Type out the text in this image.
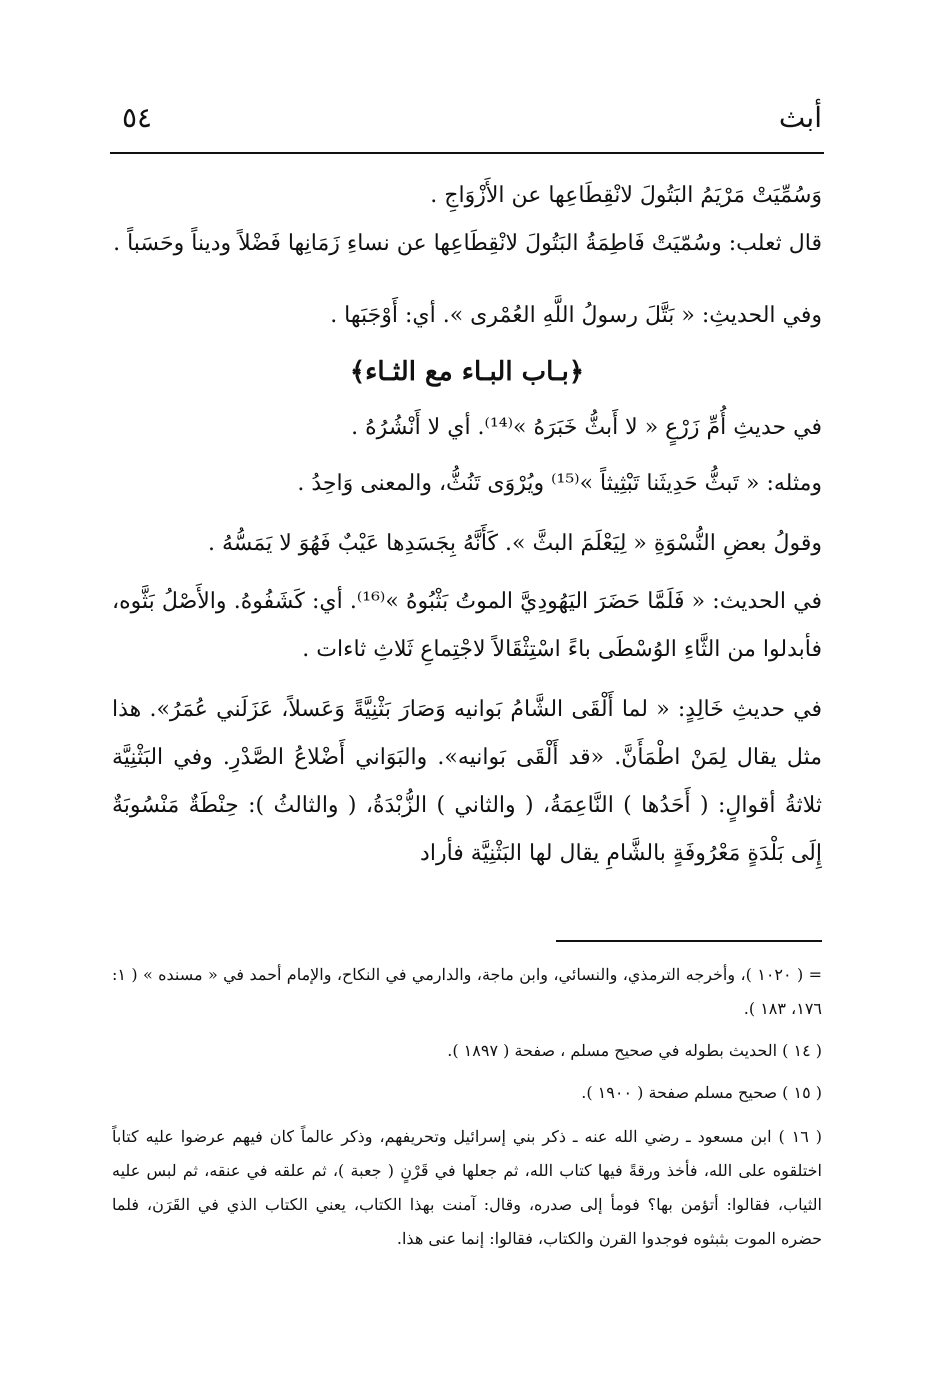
أبث
٥٤

وَسُمِّيَتْ مَرْيَمُ البَتُولَ لانْقِطَاعِها عن الأَزْوَاجِ .

قال ثعلب: وسُمّيَتْ فَاطِمَةُ البَتُولَ لانْقِطَاعِها عن نساءِ زَمَانِها فَضْلاً وديناً وحَسَباً .

وفي الحديثِ: « بَتَّلَ رسولُ اللَّهِ العُمْرى ». أي: أَوْجَبَها .

﴿بـاب البـاء مع الثـاء﴾

في حديثِ أُمِّ زَرْعٍ « لا أَبثُّ خَبَرَهُ »⁽¹⁴⁾. أي لا أَنْشُرُهُ .

ومثله: « تَبثُّ حَدِيثَنا تَبْثِيثاً »⁽¹⁵⁾ ويُرْوَى تَنُثُّ، والمعنى وَاحِدُ .

وقولُ بعضِ النُّسْوَةِ « لِيَعْلَمَ البثَّ ». كَأَنَّهُ بِجَسَدِها عَيْبٌ فَهُوَ لا يَمَسُّهُ .

في الحديث: « فَلَمَّا حَضَرَ اليَهُودِيَّ الموتُ بَثْبُوهُ »⁽¹⁶⁾. أي: كَشَفُوهُ. والأَصْلُ بَثَّوه، فأبدلوا من الثَّاءِ الوُسْطَى باءً اسْتِثْقَالاً لاجْتِماعِ ثَلاثِ ثاءات .

في حديثِ خَالِدٍ: « لما أَلْقَى الشَّامُ بَوانيه وَصَارَ بَثْنِيَّةً وَعَسلاً، عَزَلَني عُمَرُ». هذا مثل يقال لِمَنْ اطْمَأَنَّ. «قد أَلْقَى بَوانيه». والبَوَاني أَضْلاعُ الصَّدْرِ. وفي البَثْنِيَّة ثلاثةُ أقوالٍ: ( أَحَدُها ) النَّاعِمَةُ، ( والثاني ) الزُّبْدَةُ، ( والثالثُ ): حِنْطَةٌ مَنْسُوبَةٌ إِلَى بَلْدَةٍ مَعْرُوفَةٍ بالشَّامِ يقال لها البَثْنِيَّة فأراد

= ( ١٠٢٠ )، وأخرجه الترمذي، والنسائي، وابن ماجة، والدارمي في النكاح، والإمام أحمد في « مسنده » ( ١: ١٧٦، ١٨٣ ).

( ١٤ ) الحديث بطوله في صحيح مسلم ، صفحة ( ١٨٩٧ ).

( ١٥ ) صحيح مسلم صفحة ( ١٩٠٠ ).

( ١٦ ) ابن مسعود ـ رضي الله عنه ـ ذكر بني إسرائيل وتحريفهم، وذكر عالماً كان فيهم عرضوا عليه كتاباً اختلقوه على الله، فأخذ ورقةً فيها كتاب الله، ثم جعلها في قَرْنٍ ( جعبة )، ثم علقه في عنقه، ثم لبس عليه الثياب، فقالوا: أتؤمن بها؟ فومأ إلى صدره، وقال: آمنت بهذا الكتاب، يعني الكتاب الذي في القَرَن، فلما حضره الموت بثبثوه فوجدوا القرن والكتاب، فقالوا: إنما عنى هذا.
